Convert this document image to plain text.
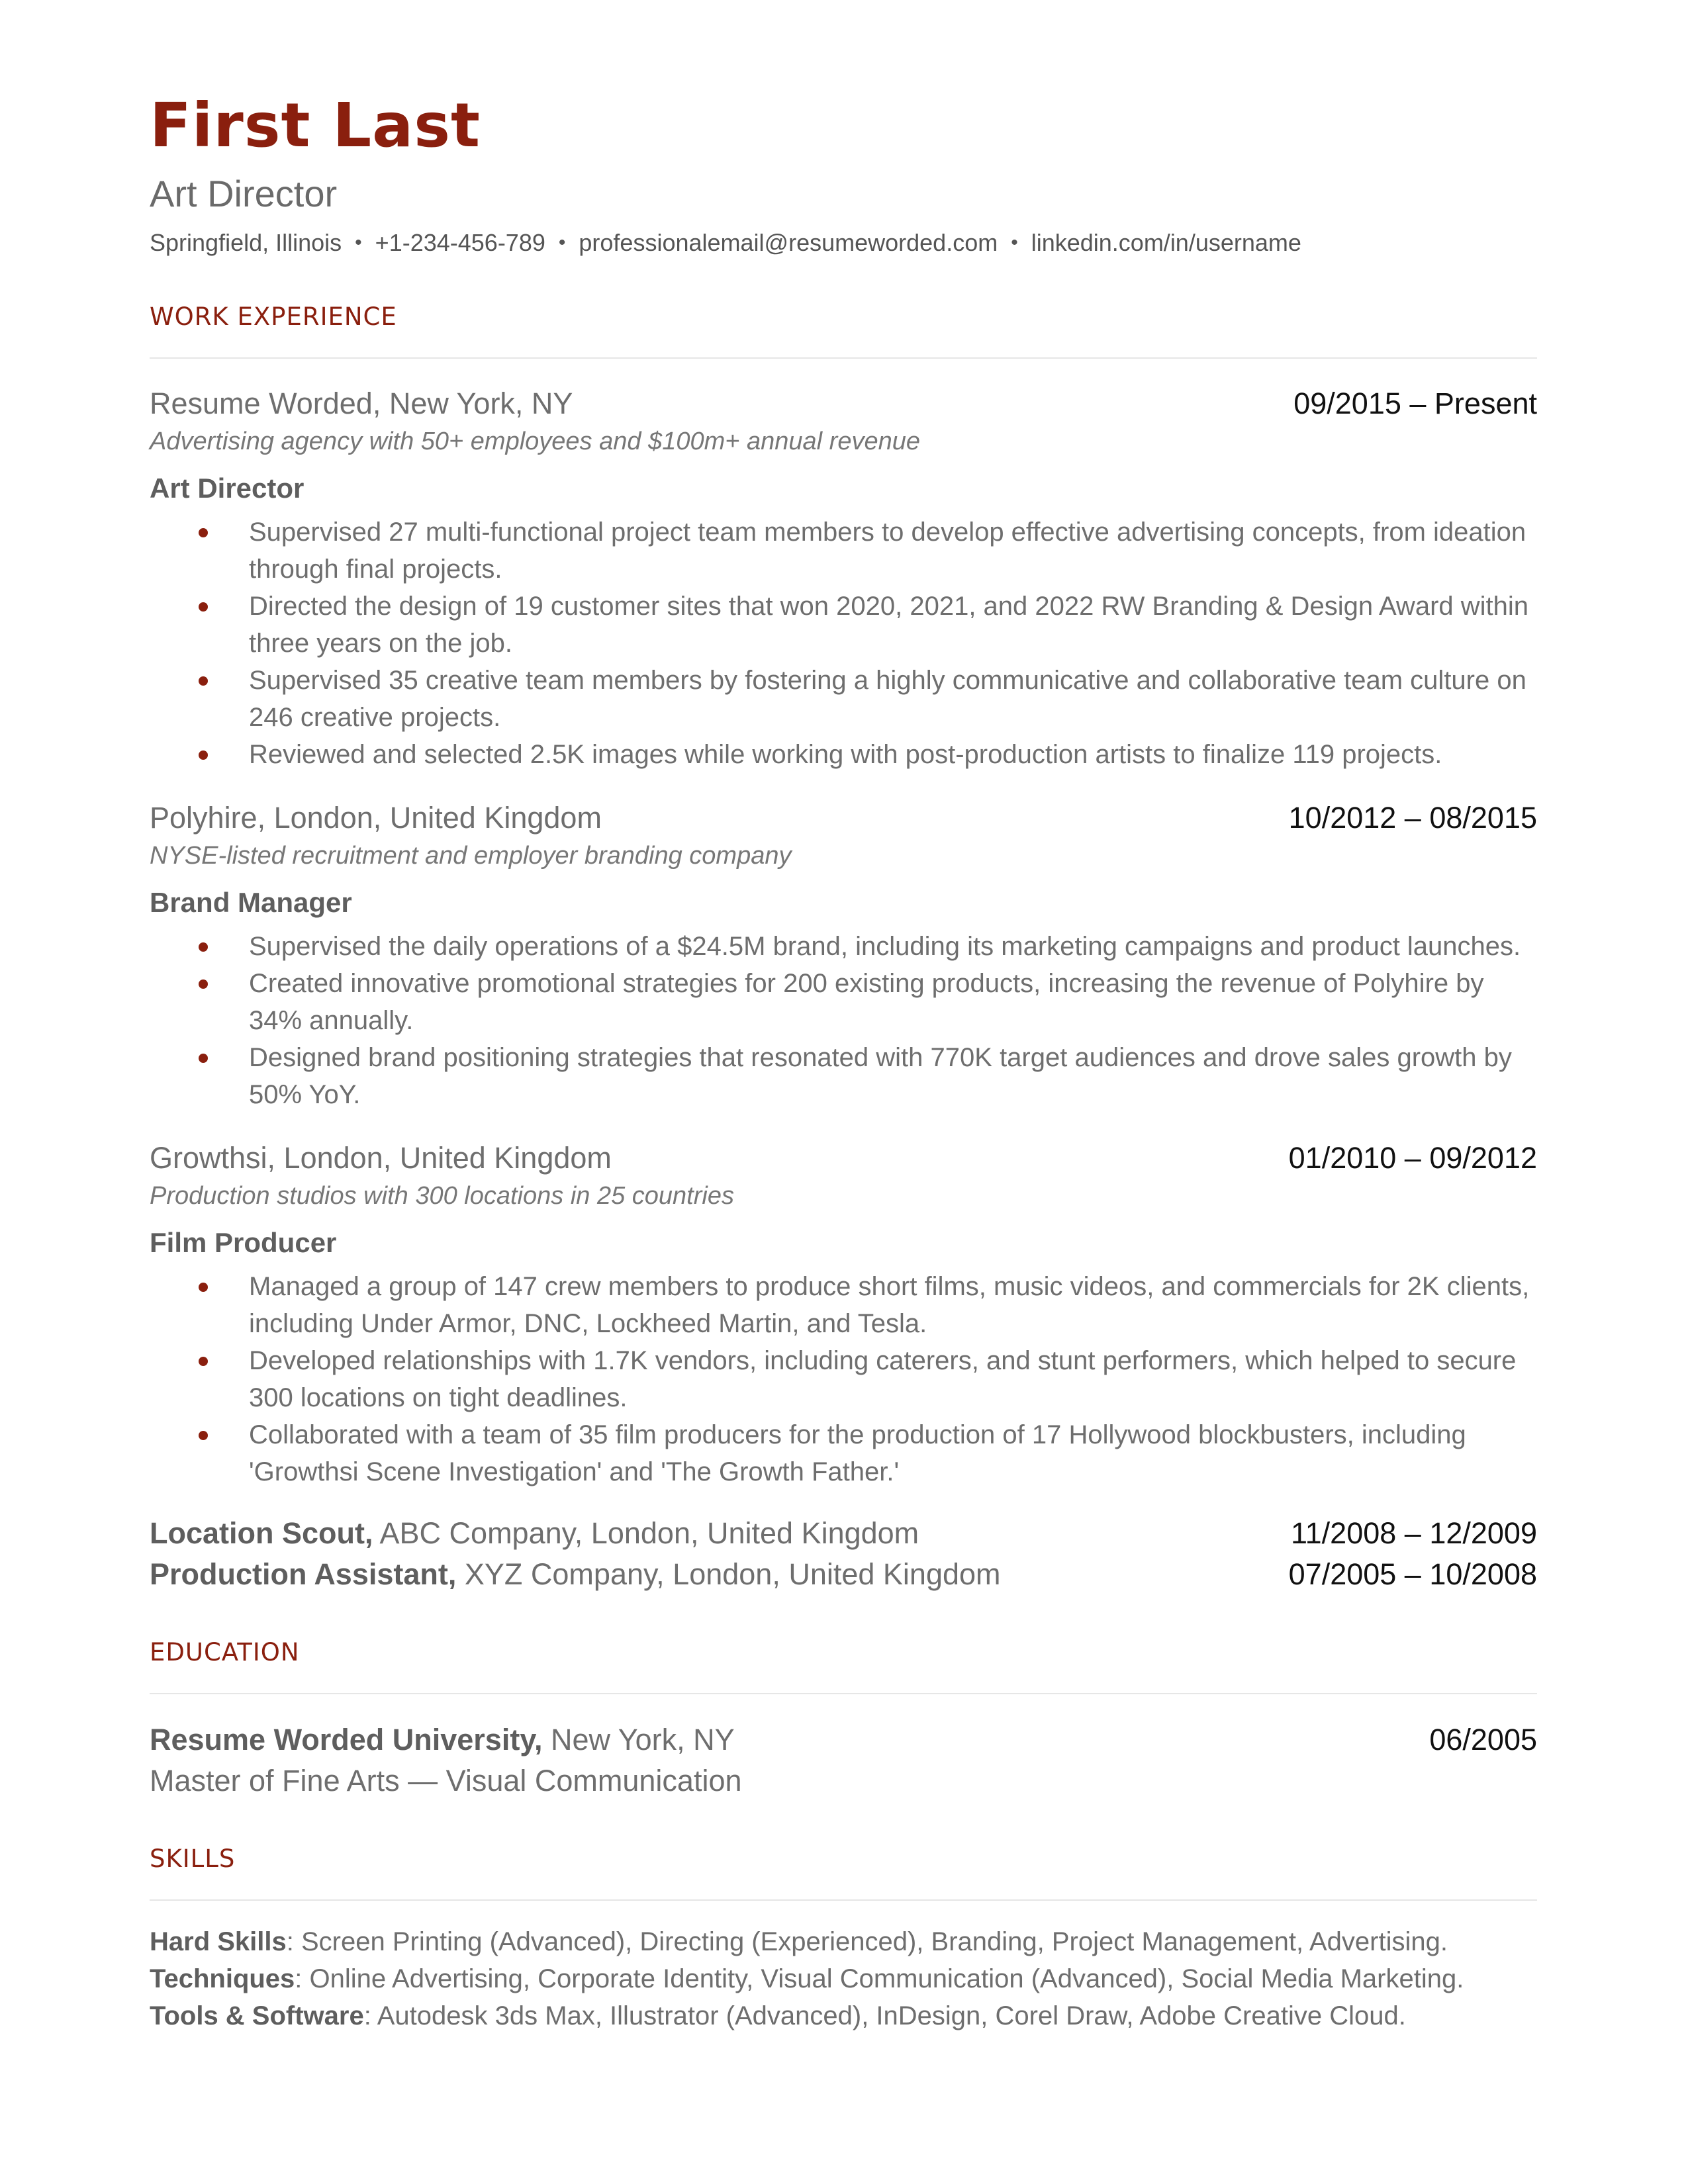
First Last
Art Director
Springfield, Illinois • +1-234-456-789 • professionalemail@resumeworded.com • linkedin.com/in/username
WORK EXPERIENCE
Resume Worded, New York, NY	09/2015 – Present
Advertising agency with 50+ employees and $100m+ annual revenue
Art Director
Supervised 27 multi-functional project team members to develop effective advertising concepts, from ideation through final projects.
Directed the design of 19 customer sites that won 2020, 2021, and 2022 RW Branding & Design Award within three years on the job.
Supervised 35 creative team members by fostering a highly communicative and collaborative team culture on 246 creative projects.
Reviewed and selected 2.5K images while working with post-production artists to finalize 119 projects.
Polyhire, London, United Kingdom	10/2012 – 08/2015
NYSE-listed recruitment and employer branding company
Brand Manager
Supervised the daily operations of a $24.5M brand, including its marketing campaigns and product launches.
Created innovative promotional strategies for 200 existing products, increasing the revenue of Polyhire by 34% annually.
Designed brand positioning strategies that resonated with 770K target audiences and drove sales growth by 50% YoY.
Growthsi, London, United Kingdom	01/2010 – 09/2012
Production studios with 300 locations in 25 countries
Film Producer
Managed a group of 147 crew members to produce short films, music videos, and commercials for 2K clients, including Under Armor, DNC, Lockheed Martin, and Tesla.
Developed relationships with 1.7K vendors, including caterers, and stunt performers, which helped to secure 300 locations on tight deadlines.
Collaborated with a team of 35 film producers for the production of 17 Hollywood blockbusters, including 'Growthsi Scene Investigation' and 'The Growth Father.'
Location Scout, ABC Company, London, United Kingdom	11/2008 – 12/2009
Production Assistant, XYZ Company, London, United Kingdom	07/2005 – 10/2008
EDUCATION
Resume Worded University, New York, NY	06/2005
Master of Fine Arts — Visual Communication
SKILLS
Hard Skills: Screen Printing (Advanced), Directing (Experienced), Branding, Project Management, Advertising.
Techniques: Online Advertising, Corporate Identity, Visual Communication (Advanced), Social Media Marketing.
Tools & Software: Autodesk 3ds Max, Illustrator (Advanced), InDesign, Corel Draw, Adobe Creative Cloud.
